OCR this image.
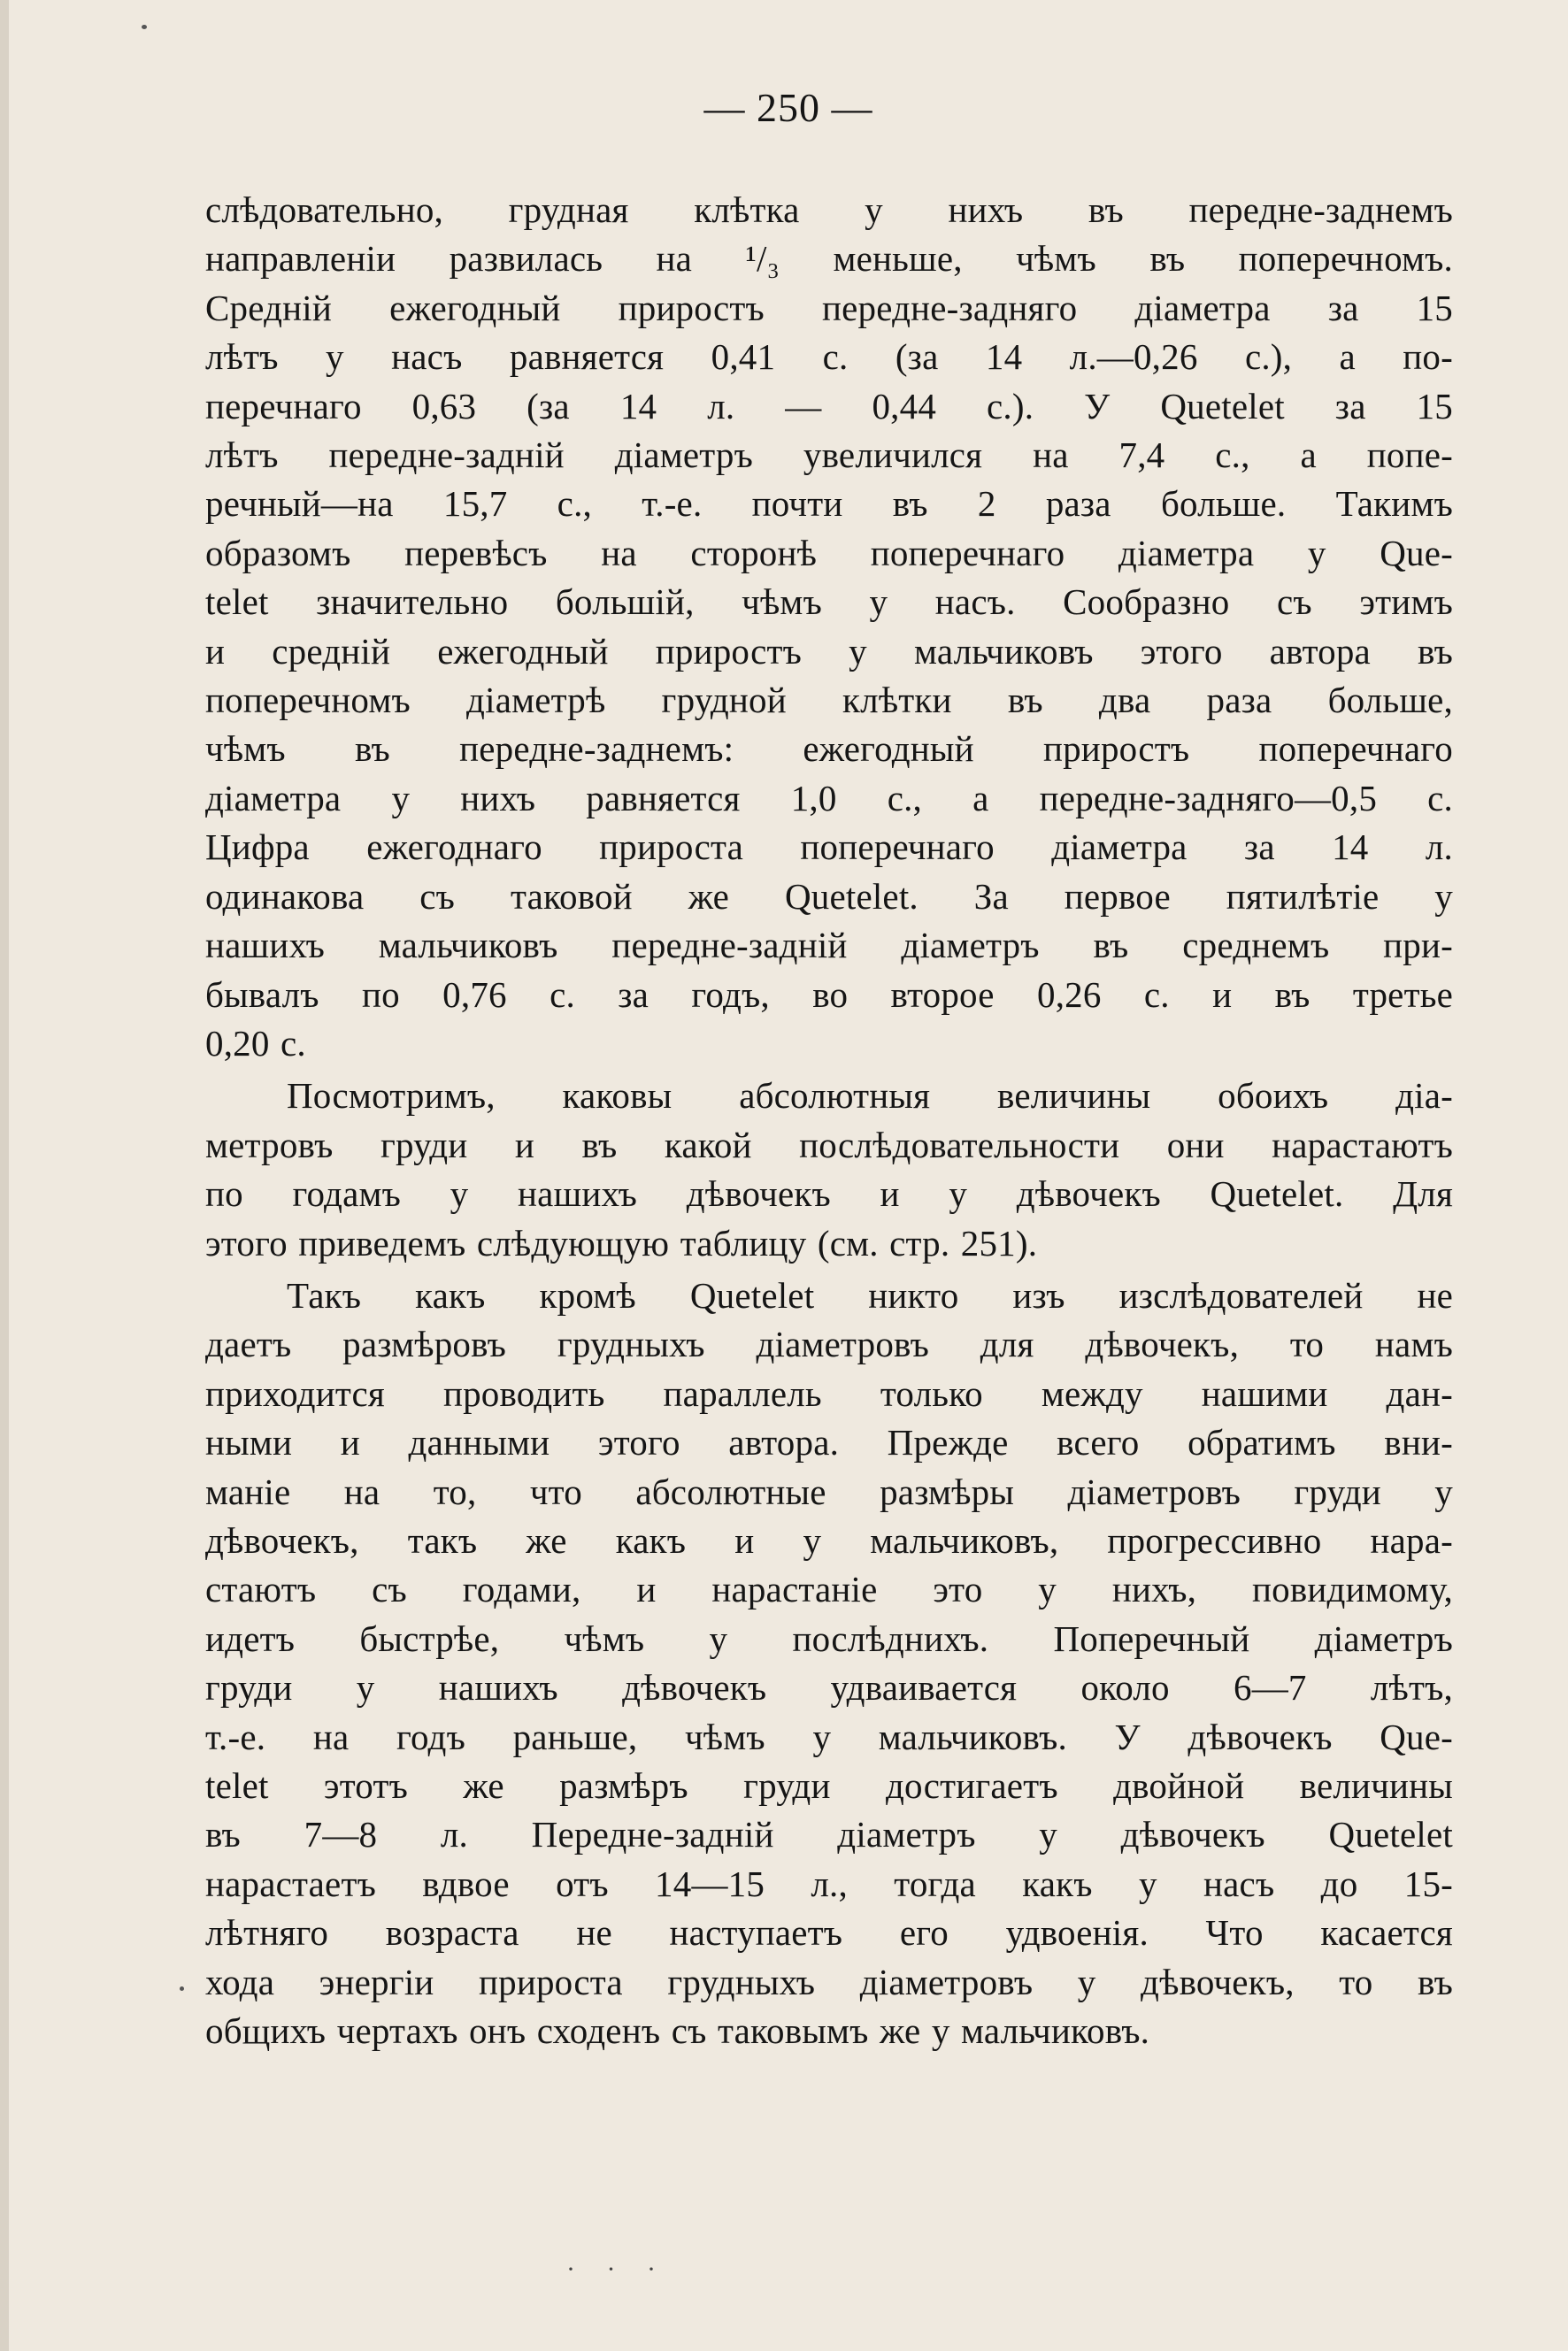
— 250 —
слѣдовательно, грудная клѣтка у нихъ въ передне-заднемъ
направленіи развилась на ¹/₃ меньше, чѣмъ въ поперечномъ.
Средній ежегодный приростъ передне-задняго діаметра за 15
лѣтъ у насъ равняется 0,41 с. (за 14 л.—0,26 с.), а по-
перечнаго 0,63 (за 14 л. — 0,44 с.). У Quetelet за 15
лѣтъ передне-задній діаметръ увеличился на 7,4 с., а попе-
речный—на 15,7 с., т.-е. почти въ 2 раза больше. Такимъ
образомъ перевѣсъ на сторонѣ поперечнаго діаметра у Que-
telet значительно большій, чѣмъ у насъ. Сообразно съ этимъ
и средній ежегодный приростъ у мальчиковъ этого автора въ
поперечномъ діаметрѣ грудной клѣтки въ два раза больше,
чѣмъ въ передне-заднемъ: ежегодный приростъ поперечнаго
діаметра у нихъ равняется 1,0 с., а передне-задняго—0,5 с.
Цифра ежегоднаго прироста поперечнаго діаметра за 14 л.
одинакова съ таковой же Quetelet. За первое пятилѣтіе у
нашихъ мальчиковъ передне-задній діаметръ въ среднемъ при-
бывалъ по 0,76 с. за годъ, во второе 0,26 с. и въ третье
0,20 с.
Посмотримъ, каковы абсолютныя величины обоихъ діа-
метровъ груди и въ какой послѣдовательности они нарастаютъ
по годамъ у нашихъ дѣвочекъ и у дѣвочекъ Quetelet. Для
этого приведемъ слѣдующую таблицу (см. стр. 251).
Такъ какъ кромѣ Quetelet никто изъ изслѣдователей не
даетъ размѣровъ грудныхъ діаметровъ для дѣвочекъ, то намъ
приходится проводить параллель только между нашими дан-
ными и данными этого автора. Прежде всего обратимъ вни-
маніе на то, что абсолютные размѣры діаметровъ груди у
дѣвочекъ, такъ же какъ и у мальчиковъ, прогрессивно нара-
стаютъ съ годами, и нарастаніе это у нихъ, повидимому,
идетъ быстрѣе, чѣмъ у послѣднихъ. Поперечный діаметръ
груди у нашихъ дѣвочекъ удваивается около 6—7 лѣтъ,
т.-е. на годъ раньше, чѣмъ у мальчиковъ. У дѣвочекъ Que-
telet этотъ же размѣръ груди достигаетъ двойной величины
въ 7—8 л. Передне-задній діаметръ у дѣвочекъ Quetelet
нарастаетъ вдвое отъ 14—15 л., тогда какъ у насъ до 15-
лѣтняго возраста не наступаетъ его удвоенія. Что касается
хода энергіи прироста грудныхъ діаметровъ у дѣвочекъ, то въ
общихъ чертахъ онъ сходенъ съ таковымъ же у мальчиковъ.
· · ·
